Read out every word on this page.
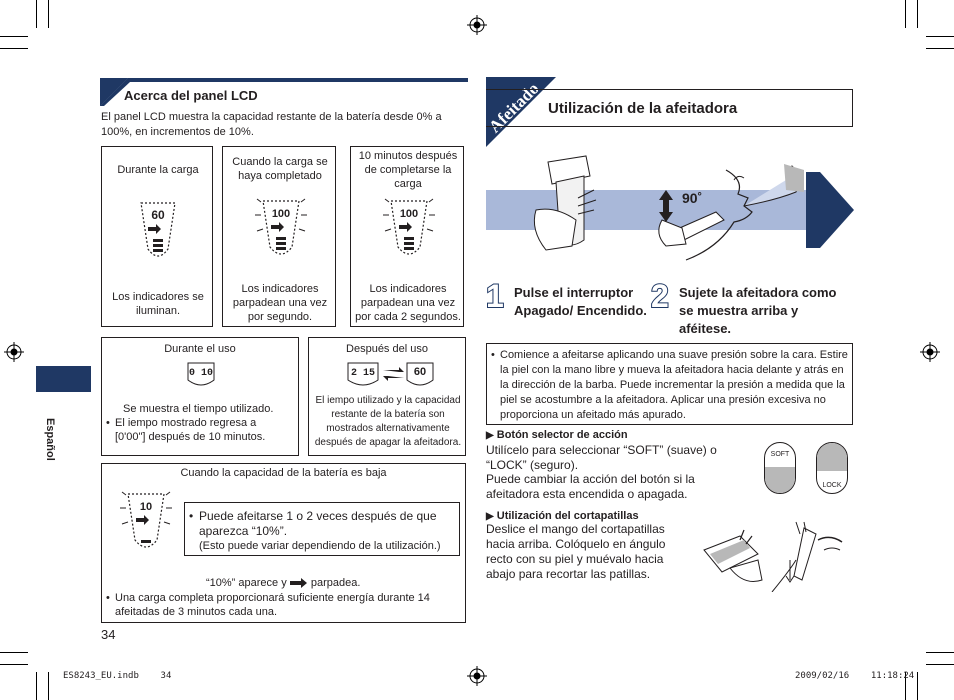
Español
Acerca del panel LCD
El panel LCD muestra la capacidad restante de la batería desde 0% a 100%, en incrementos de 10%.
Durante la carga
60
Los indicadores se iluminan.
Cuando la carga se haya completado
100
Los indicadores parpadean una vez por segundo.
10 minutos después de completarse la carga
100
Los indicadores parpadean una vez por cada 2 segundos.
Durante el uso
0 10
Se muestra el tiempo utilizado.
• El iempo mostrado regresa a [0'00"] después de 10 minutos.
Después del uso
2 15	60
El iempo utilizado y la capacidad restante de la batería son mostrados alternativamente después de apagar la afeitadora.
Cuando la capacidad de la batería es baja
10
• Puede afeitarse 1 o 2 veces después de que aparezca “10%”.
(Esto puede variar dependiendo de la utilización.)
“10%” aparece y parpadea.
• Una carga completa proporcionará suficiente energía durante 14 afeitadas de 3 minutos cada una.
34
Afeitado Utilización de la afeitadora
90˚
1 Pulse el interruptor Apagado/ Encendido. 2 Sujete la afeitadora como se muestra arriba y aféitese.
• Comience a afeitarse aplicando una suave presión sobre la cara. Estire la piel con la mano libre y mueva la afeitadora hacia delante y atrás en la dirección de la barba. Puede incrementar la presión a medida que la piel se acostumbre a la afeitadora. Aplicar una presión excesiva no proporciona un afeitado más apurado.
▶ Botón selector de acción
Utilícelo para seleccionar “SOFT” (suave) o “LOCK” (seguro).
Puede cambiar la acción del botón si la afeitadora esta encendida o apagada.
SOFT
LOCK
▶ Utilización del cortapatillas
Deslice el mango del cortapatillas hacia arriba. Colóquelo en ángulo recto con su piel y muévalo hacia abajo para recortar las patillas.
ES8243_EU.indb    34	2009/02/16    11:18:24
